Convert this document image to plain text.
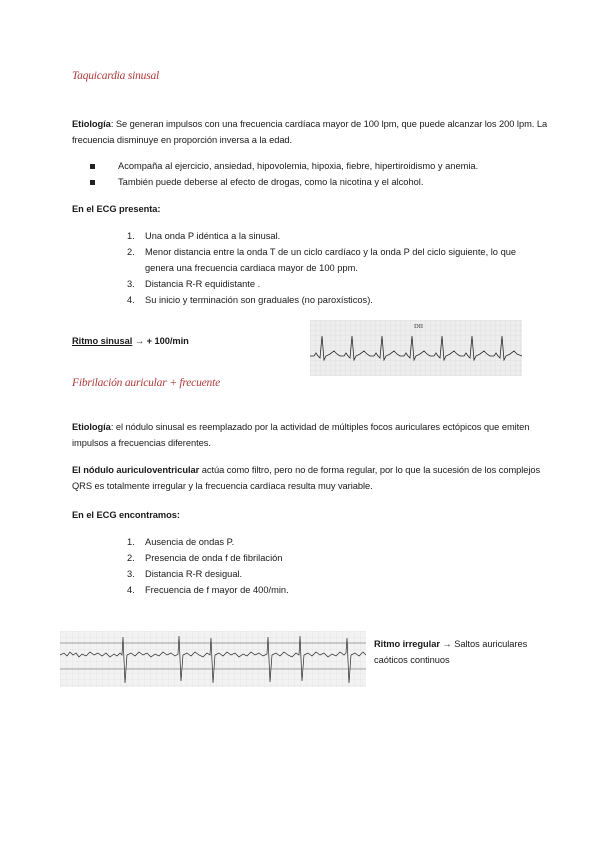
Taquicardia sinusal
Etiología: Se generan impulsos con una frecuencia cardíaca mayor de 100 lpm, que puede alcanzar los 200 lpm. La frecuencia disminuye en proporción inversa a la edad.
Acompaña al ejercicio, ansiedad, hipovolemia, hipoxia, fiebre, hipertiroidismo y anemia.
También puede deberse al efecto de drogas, como la nicotina y el alcohol.
En el ECG presenta:
1. Una onda P idéntica a la sinusal.
2. Menor distancia entre la onda T de un ciclo cardíaco y la onda P del ciclo siguiente, lo que genera una frecuencia cardiaca mayor de 100 ppm.
3. Distancia R-R equidistante .
4. Su inicio y terminación son graduales (no paroxísticos).
Ritmo sinusal → + 100/min
DII
Fibrilación auricular + frecuente
Etiología: el nódulo sinusal es reemplazado por la actividad de múltiples focos auriculares ectópicos que emiten impulsos a frecuencias diferentes.
El nódulo auriculoventricular actúa como filtro, pero no de forma regular, por lo que la sucesión de los complejos QRS es totalmente irregular y la frecuencia cardíaca resulta muy variable.
En el ECG encontramos:
1. Ausencia de ondas P.
2. Presencia de onda f de fibrilación
3. Distancia R-R desigual.
4. Frecuencia de f mayor de 400/min.
Ritmo irregular → Saltos auriculares caóticos continuos
